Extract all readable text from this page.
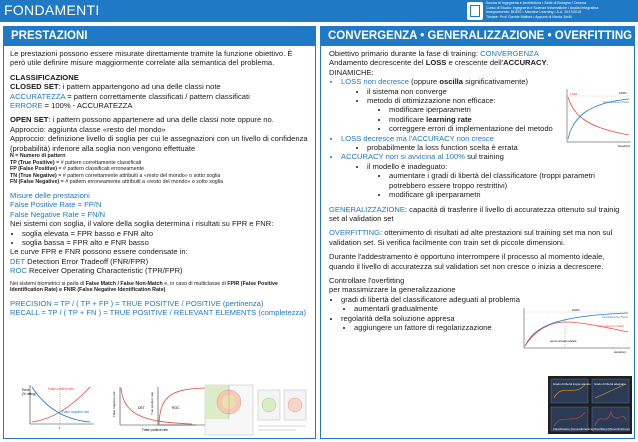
FONDAMENTI	Scuola di Ingegneria e Architettura • Sede di Bologna / Cesena
Corso di Studio: Ingegneria e Scienze Informatiche / Analisi integrativa
Insegnamento: BDEIS • Machine Learning • A.A. 2017/2018
Titolare: Prof. Davide Maltoni • Appunti di Nicola Zerilli
PRESTAZIONI

Le prestazioni possono essere misurate direttamente tramite la funzione obiettivo. È però utile definire misure maggiormente correlate alla semantica del problema.

CLASSIFICAZIONE

CLOSED SET: i pattern appartengono ad una delle classi note

ACCURATEZZA = pattern correttamente classificati / pattern classificati

ERRORE = 100% - ACCURATEZZA

OPEN SET: i pattern possono appartenere ad una delle classi note oppure no.

Approccio: aggiunta classe «resto del mondo»

Approccio: definizione livello di soglia per cui le assegnazioni con un livello di confidenza (probabilità) inferiore alla soglia non vengono effettuate

N = Numero di pattern

TP (True Positive) = # pattern correttamente classificati

FP (False Positive) = # pattern classificati erroneamente

TN (True Negative) = # pattern correttamente attribuiti a «resto del mondo» o sotto soglia

FN (False Negative) = # pattern erroneamente attribuiti a «resto del mondo» o sotto soglia

Misure delle prestazioni

False Positive Rate = FP/N

False Negative Rate = FN/N

Nei sistemi con soglia, il valore della soglia determina i risultati su FPR e FNR:

• soglia elevata = FPR basso e FNR alto
• soglia bassa = FPR alto e FNR basso

Le curve FPR e FNR possono essere condensate in:

DET Detection Error Tradeoff (FNR/FPR)

ROC Receiver Operating Characteristic (TPR/FPR)

Nei sistemi biometrici si parla di False Match / False Non-Match e, in caso di multiclasse di FPIR (False Positive Identification Rate) e FNIR (False Negative Identification Rate)

PRECISION = TP / ( TP + FP ) = TRUE POSITIVE / POSITIVE (pertinenza)

RECALL = TP / ( TP + FN ) = TRUE POSITIVE / RELEVANT ELEMENTS (completezza)

Error
(% rating)
False positive rate
False negative rate
t
False negative rate
False positive rate
DET True positive rate	ROC
CONVERGENZA • GENERALIZZAZIONE • OVERFITTING

Obiettivo primario durante la fase di training: CONVERGENZA

Andamento decrescente del LOSS e crescente dell'ACCURACY.

DINAMICHE:

• LOSS non decresce (oppure oscilla significativamente)
• il sistema non converge
• metodo di ottimizzazione non efficace:
• modificare iperparametri
• modificare learning rate
• correggere errori di implementazione del metodo
• LOSS decresce ma l'ACCURACY non cresce
• probabilmente la loss function scelta è errata
• ACCURACY non si avvicina al 100% sul training
• il modello è inadeguato:
• aumentare i gradi di libertà del classificatore (troppi parametri potrebbero essere troppo restrittivi)
• modificare gli iperparametri

GENERALIZZAZIONE: capacità di trasferire il livello di accuratezza ottenuto sul trainig set al validation set

OVERFITTING: ottenimento di risultati ad alte prestazioni sul training set ma non sul validation set. Si verifica facilmente con train set di piccole dimensioni.

Durante l'addestramento è opportuno interrompere il processo al momento ideale, quando il livello di accuratezza sul validation set non cresce o inizia a decrescere.

Controllare l'overfitting

per massimizzare la generalizzazione

• gradi di libertà del classificatore adeguati al problema
• aumentarli gradualmente
• regolarità della soluzione appresa
• aggiungere un fattore di regolarizzazione
Loss	100%
Accuratezza (Train)
iterazioni
100%
Accuratezza (Train)
Accuratezza (Valid)
punto arresto ideale
iterazioni
Grado di libertà troppo elevato Grado di libertà adeguato
Classificatore (Generalizzazione) Overfitting (Memorizzazione)
